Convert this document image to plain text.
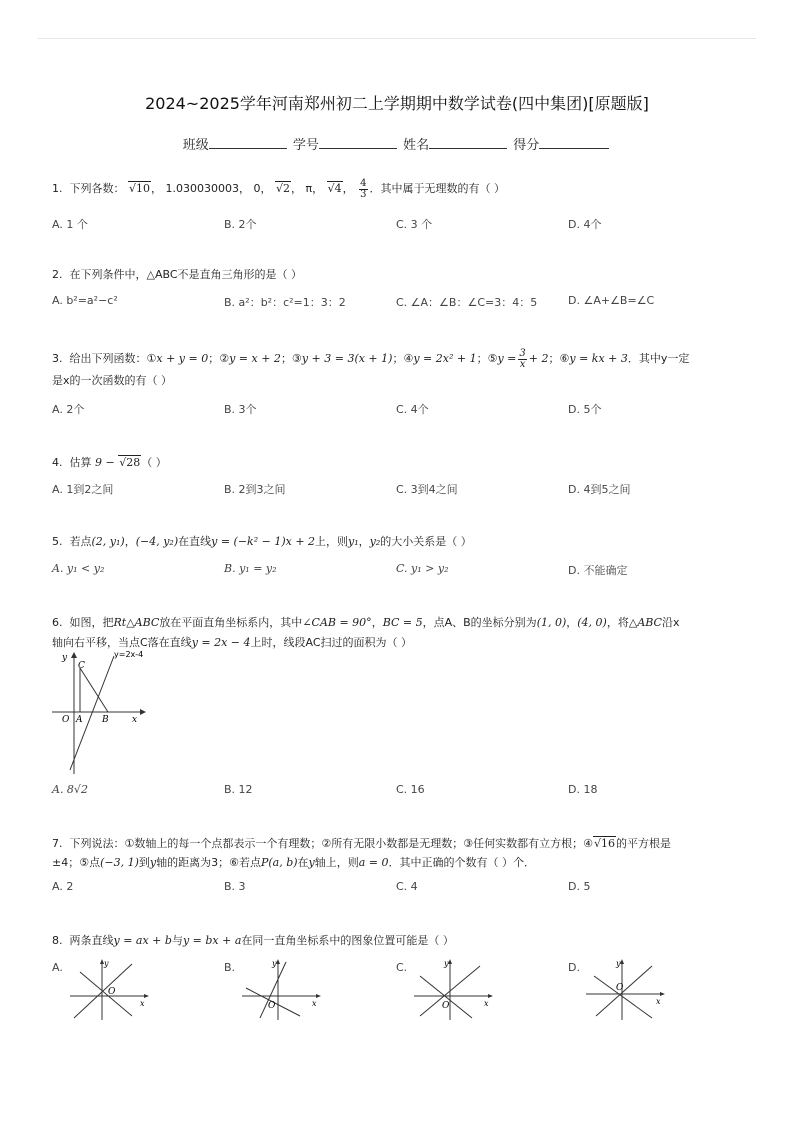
2024~2025学年河南郑州初二上学期期中数学试卷(四中集团)[原题版]
班级	学号	姓名	得分
1. 下列各数： √10， 1.030030003， 0， √2， π， √4， $\frac{4}{3}$ ．其中属于无理数的有（ ）
A. 1 个	B. 2个	C. 3 个	D. 4个
2. 在下列条件中，△ABC不是直角三角形的是（ ）
A. b²=a²−c²	B. a²：b²：c²=1：3：2	C. ∠A：∠B：∠C=3：4：5	D. ∠A+∠B=∠C
3. 给出下列函数：①x + y = 0；②y = x + 2；③y + 3 = 3(x + 1)；④y = 2x² + 1；⑤y = $\frac{3}{x} + 2$；⑥y = kx + 3．其中y一定
是x的一次函数的有（ ）
A. 2个	B. 3个	C. 4个	D. 5个
4. 估算 9 − √28（ ）
A. 1到2之间	B. 2到3之间	C. 3到4之间	D. 4到5之间
5. 若点(2, y₁)，(−4, y₂)在直线y = (−k² − 1)x + 2上，则y₁，y₂的大小关系是（ ）
A. y₁ < y₂	B. y₁ = y₂	C. y₁ > y₂	D. 不能确定
6. 如图，把Rt△ABC放在平面直角坐标系内，其中∠CAB = 90°，BC = 5，点A、B的坐标分别为(1, 0)，(4, 0)，将△ABC沿x
轴向右平移，当点C落在直线y = 2x − 4上时，线段AC扫过的面积为（ ）
y
x
O A B
C
y=2x-4
A. 8√2	B. 12	C. 16	D. 18
7. 下列说法：①数轴上的每一个点都表示一个有理数；②所有无限小数都是无理数；③任何实数都有立方根；④√16的平方根是
±4；⑤点(−3, 1)到y轴的距离为3；⑥若点P(a, b)在y轴上，则a = 0．其中正确的个数有（ ）个．
A. 2	B. 3	C. 4	D. 5
8. 两条直线y = ax + b与y = bx + a在同一直角坐标系中的图象位置可能是（ ）
A.	B.	C.	D.
y
x
O
y
x
O
y
x
O
y
x
O
